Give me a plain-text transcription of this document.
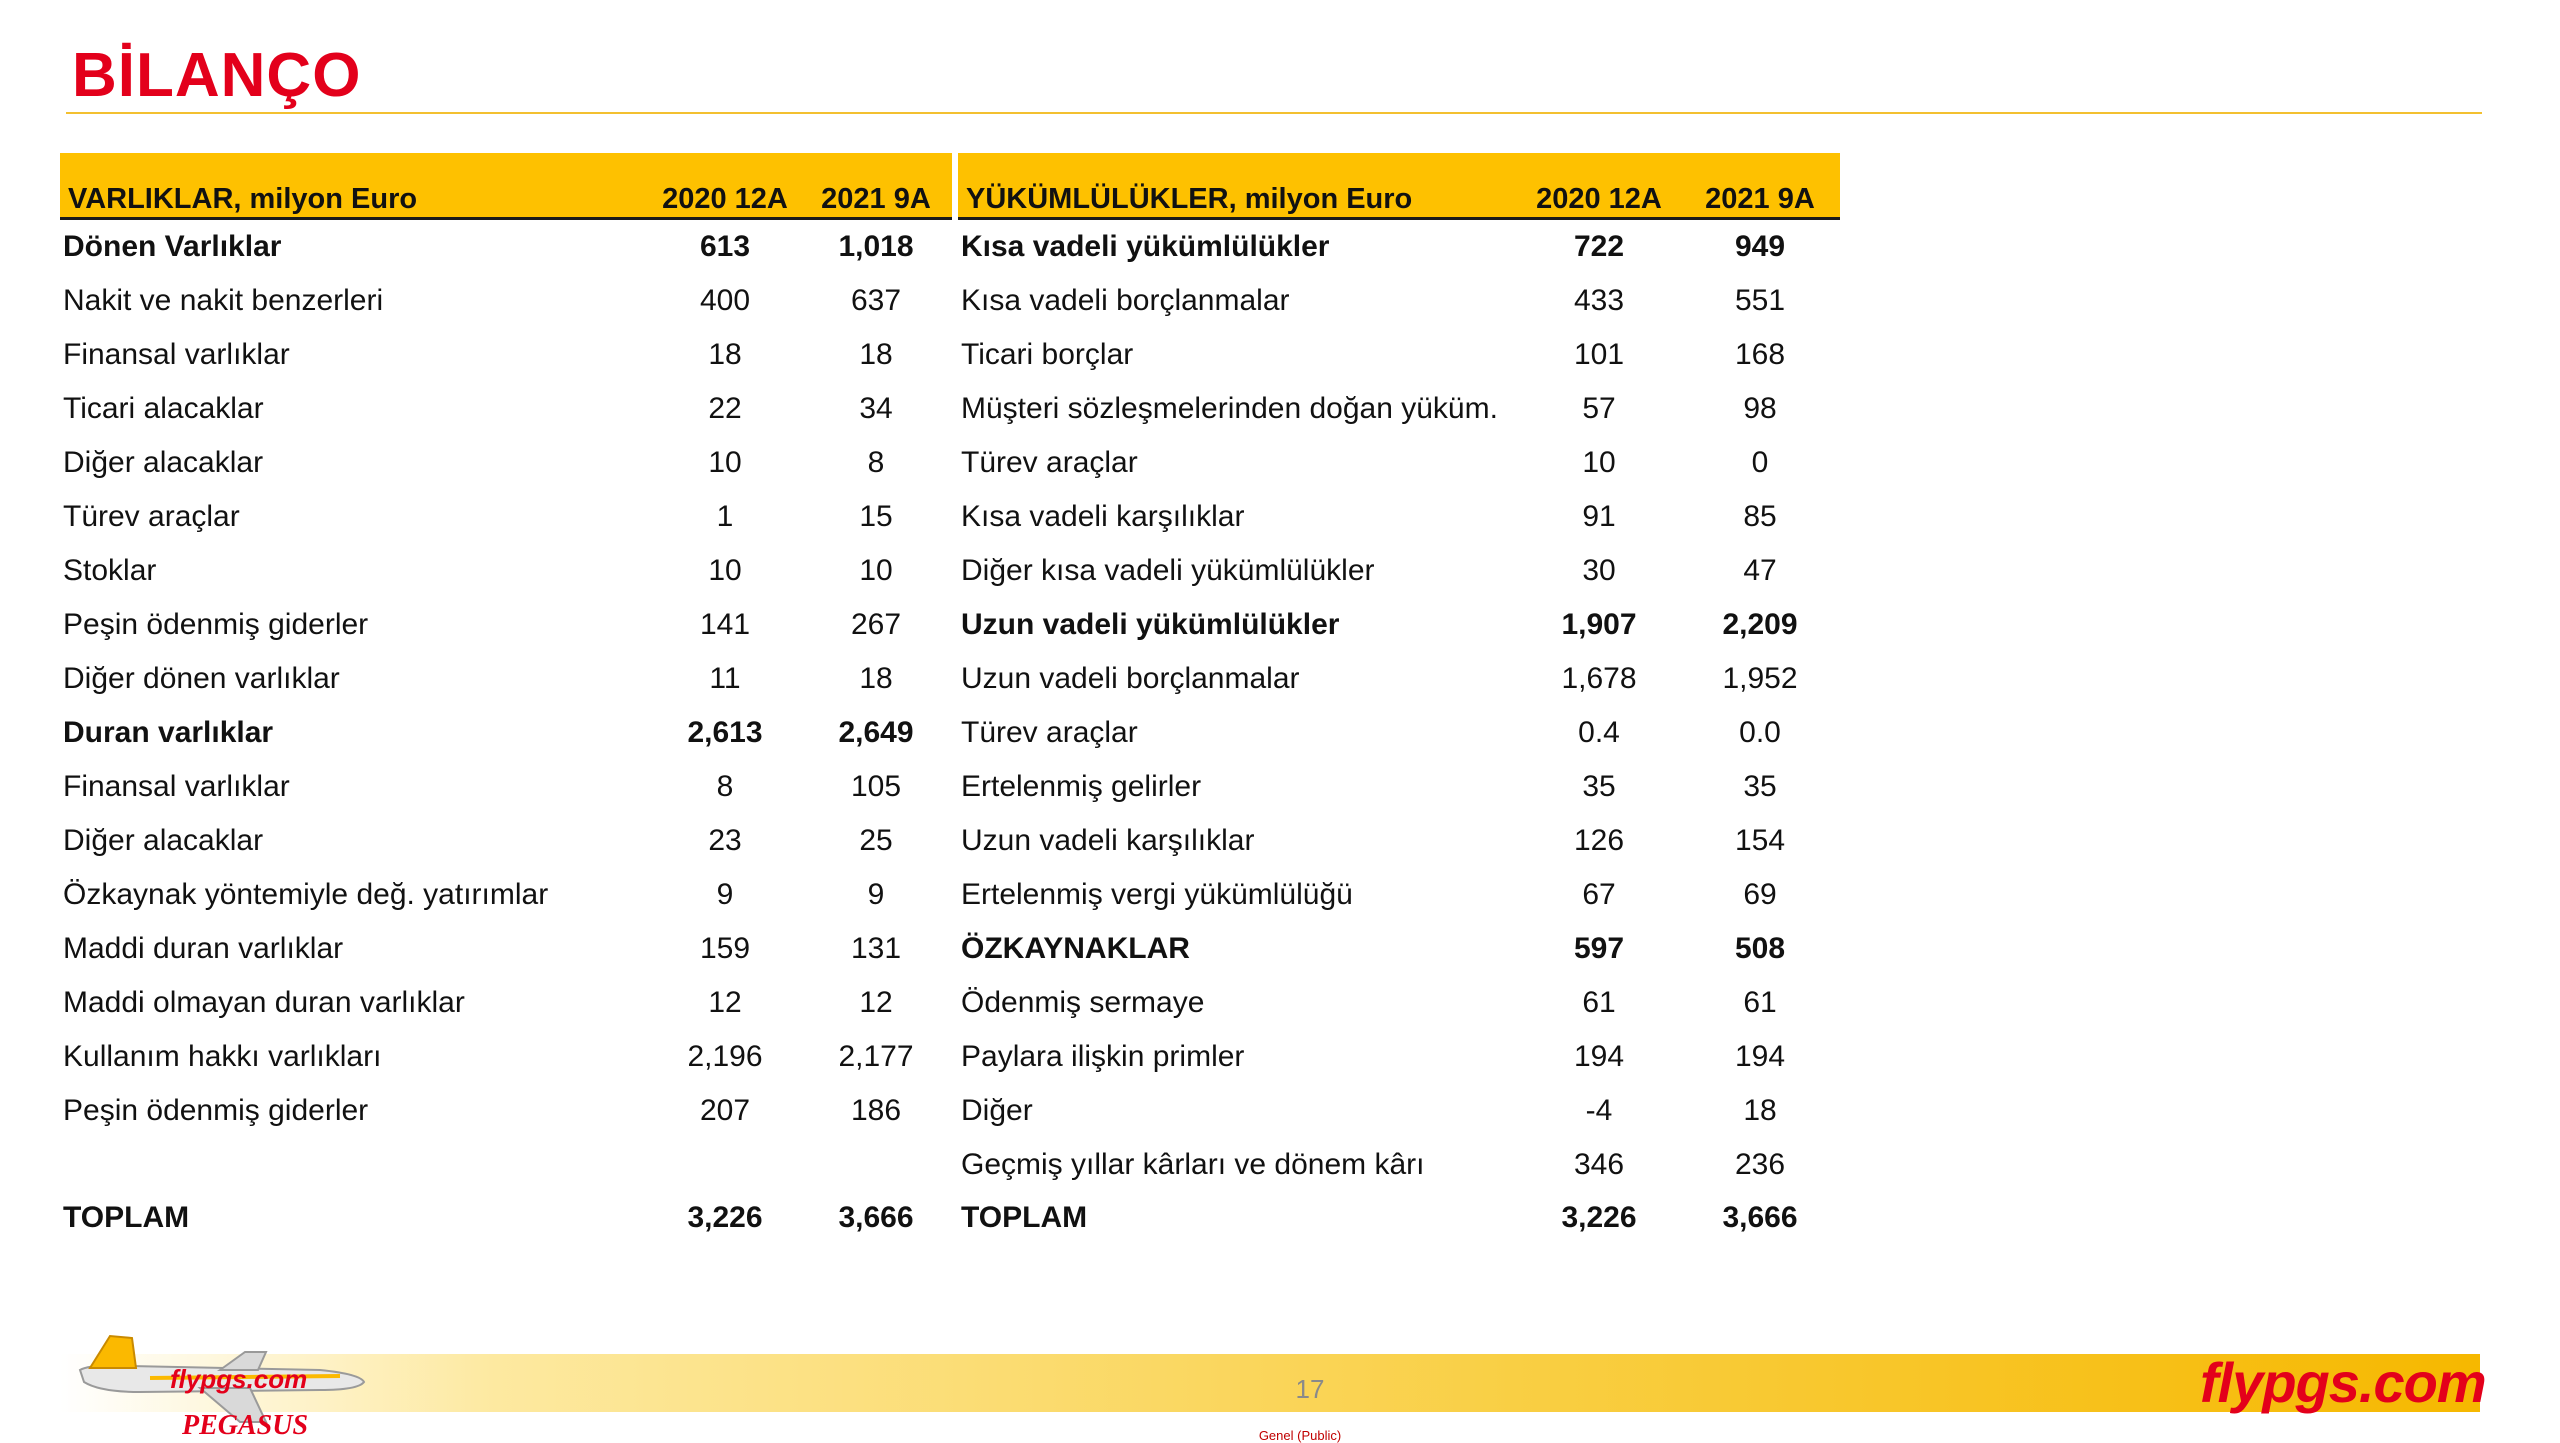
BİLANÇO
VARLIKLAR, milyon Euro	2020 12A	2021 9A
Dönen Varlıklar	613	1,018
Nakit ve nakit benzerleri	400	637
Finansal varlıklar	18	18
Ticari alacaklar	22	34
Diğer alacaklar	10	8
Türev araçlar	1	15
Stoklar	10	10
Peşin ödenmiş giderler	141	267
Diğer dönen varlıklar	11	18
Duran varlıklar	2,613	2,649
Finansal varlıklar	8	105
Diğer alacaklar	23	25
Özkaynak yöntemiyle değ. yatırımlar	9	9
Maddi duran varlıklar	159	131
Maddi olmayan duran varlıklar	12	12
Kullanım hakkı varlıkları	2,196	2,177
Peşin ödenmiş giderler	207	186

TOPLAM	3,226	3,666
YÜKÜMLÜLÜKLER, milyon Euro	2020 12A	2021 9A
Kısa vadeli yükümlülükler	722	949
Kısa vadeli borçlanmalar	433	551
Ticari borçlar	101	168
Müşteri sözleşmelerinden doğan yüküm.	57	98
Türev araçlar	10	0
Kısa vadeli karşılıklar	91	85
Diğer kısa vadeli yükümlülükler	30	47
Uzun vadeli yükümlülükler	1,907	2,209
Uzun vadeli borçlanmalar	1,678	1,952
Türev araçlar	0.4	0.0
Ertelenmiş gelirler	35	35
Uzun vadeli karşılıklar	126	154
Ertelenmiş vergi yükümlülüğü	67	69
ÖZKAYNAKLAR	597	508
Ödenmiş sermaye	61	61
Paylara ilişkin primler	194	194
Diğer	-4	18
Geçmiş yıllar kârları ve dönem kârı	346	236
TOPLAM	3,226	3,666
flypgs.com
PEGASUS
17
Genel (Public)
flypgs.com
